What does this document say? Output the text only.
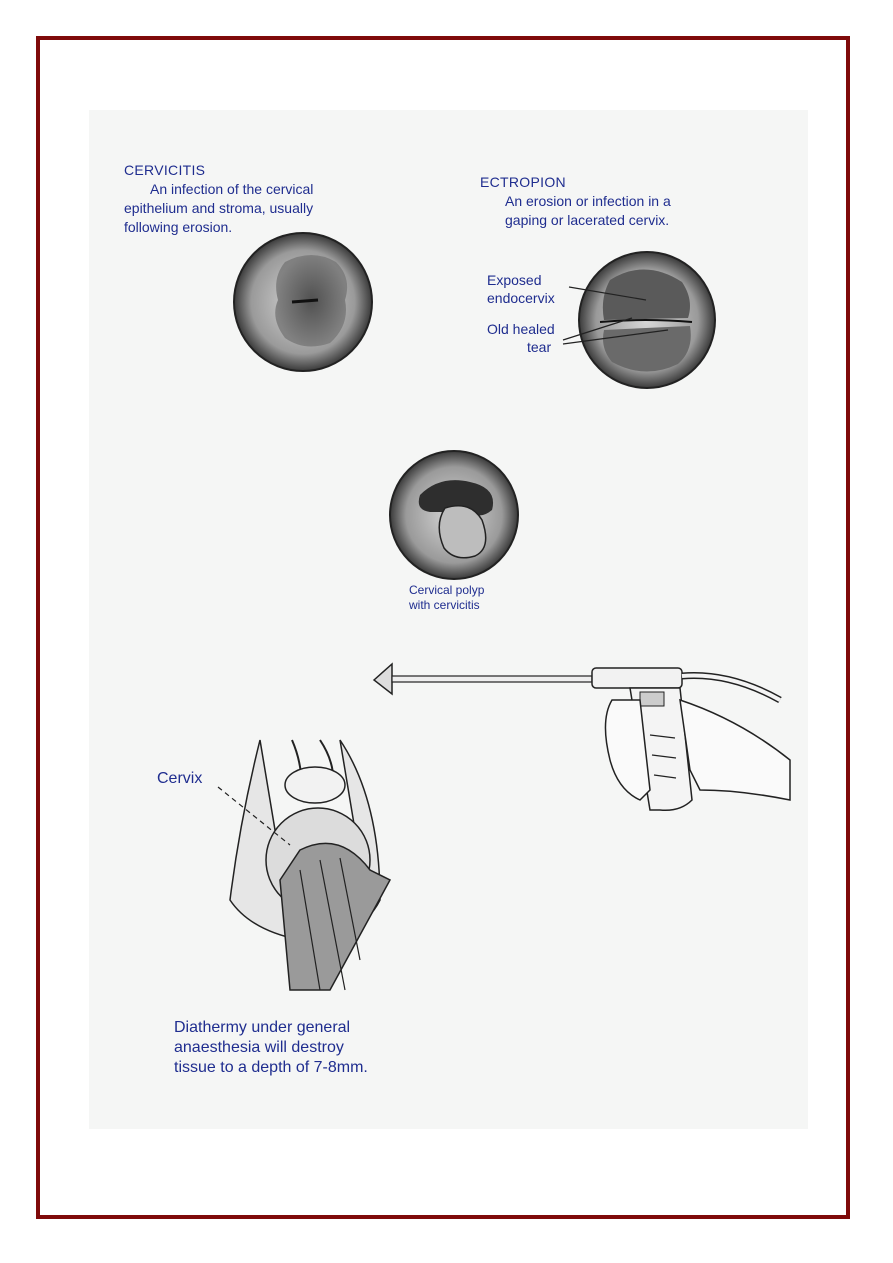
CERVICITIS

An infection of the cervical

epithelium and stroma, usually

following erosion.

ECTROPION

An erosion or infection in a

gaping or lacerated cervix.

Exposed

endocervix

Old healed

tear

Cervical polyp

with cervicitis

Cervix

Diathermy under general

anaesthesia will destroy

tissue to a depth of 7-8mm.
